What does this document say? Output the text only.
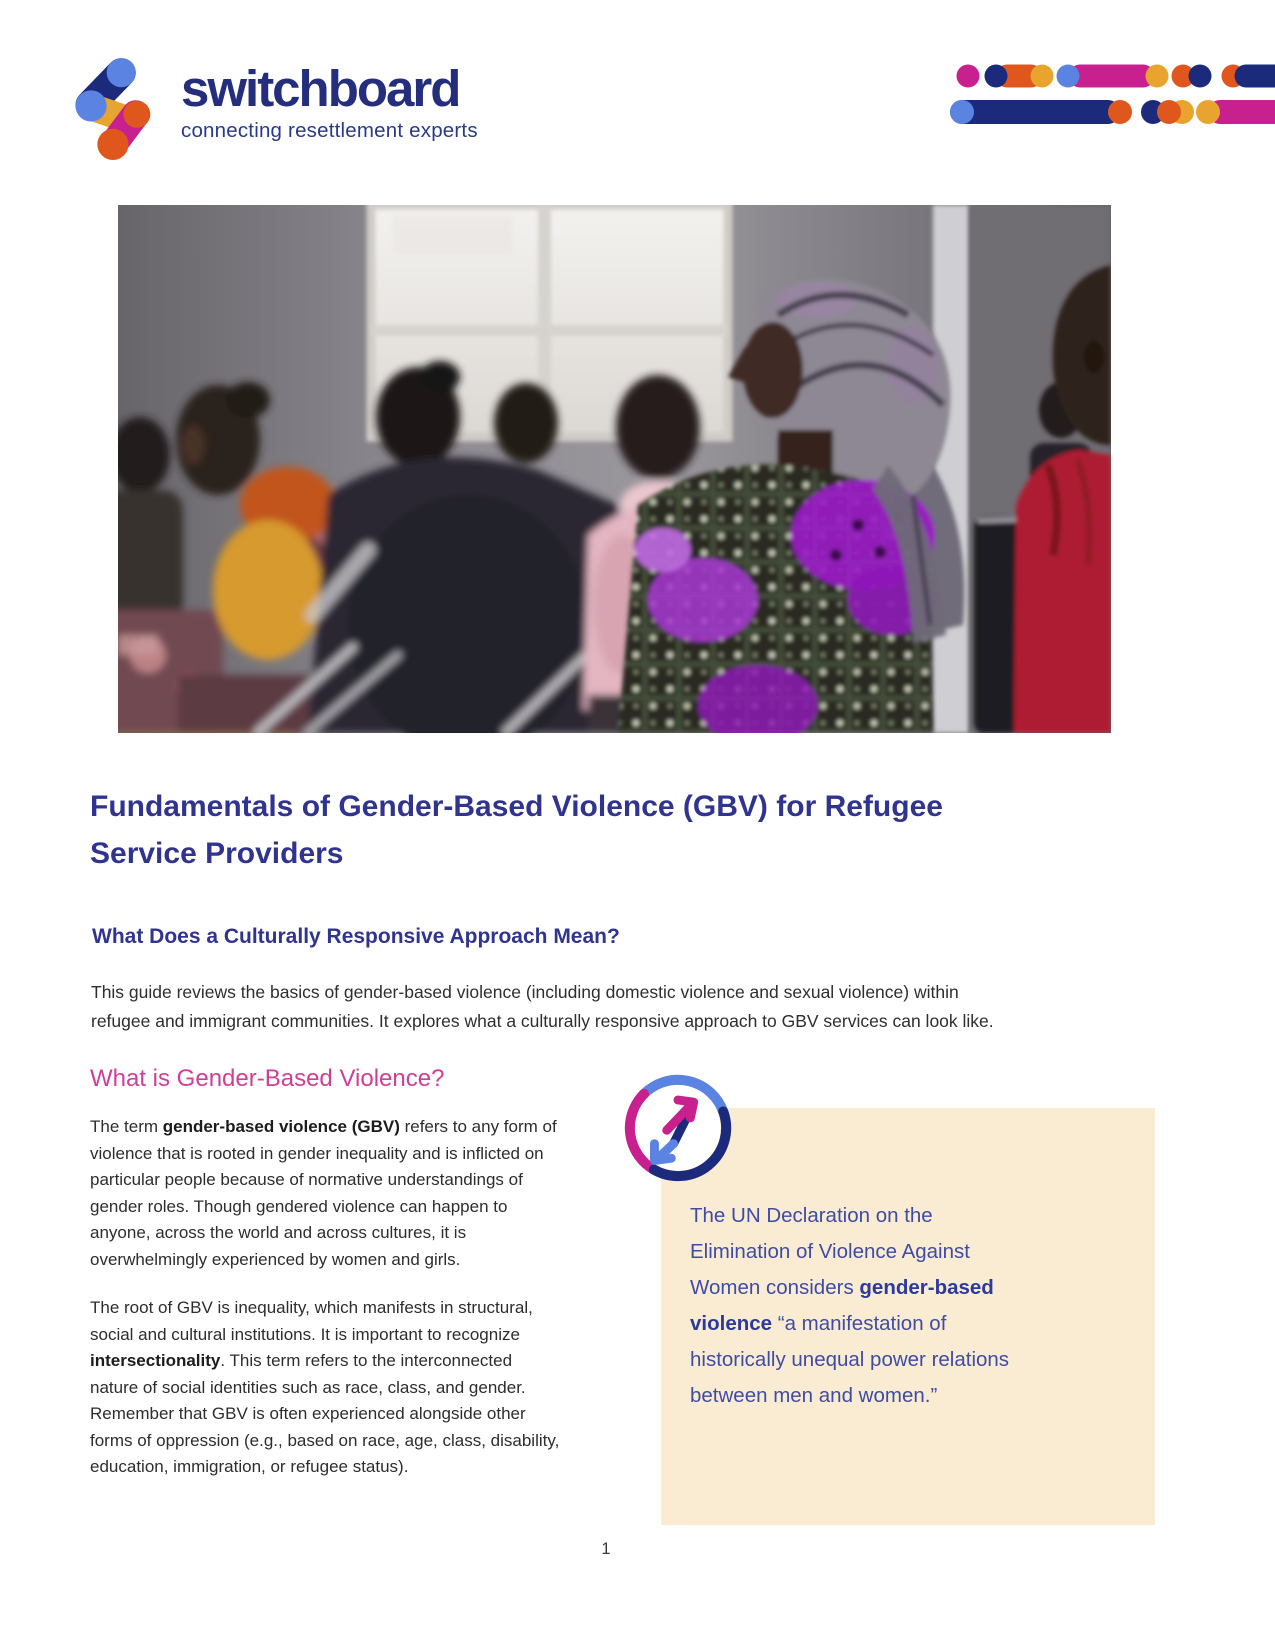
switchboard
connecting resettlement experts
Fundamentals of Gender-Based Violence (GBV) for Refugee
Service Providers
What Does a Culturally Responsive Approach Mean?
This guide reviews the basics of gender-based violence (including domestic violence and sexual violence) within
refugee and immigrant communities. It explores what a culturally responsive approach to GBV services can look like.
What is Gender-Based Violence?

The term gender-based violence (GBV) refers to any form of violence that is rooted in gender inequality and is inflicted on particular people because of normative understandings of gender roles. Though gendered violence can happen to anyone, across the world and across cultures, it is overwhelmingly experienced by women and girls.

The root of GBV is inequality, which manifests in structural, social and cultural institutions. It is important to recognize intersectionality. This term refers to the interconnected nature of social identities such as race, class, and gender. Remember that GBV is often experienced alongside other forms of oppression (e.g., based on race, age, class, disability, education, immigration, or refugee status).

The UN Declaration on the Elimination of Violence Against Women considers gender-based violence “a manifestation of historically unequal power relations between men and women.”
1
